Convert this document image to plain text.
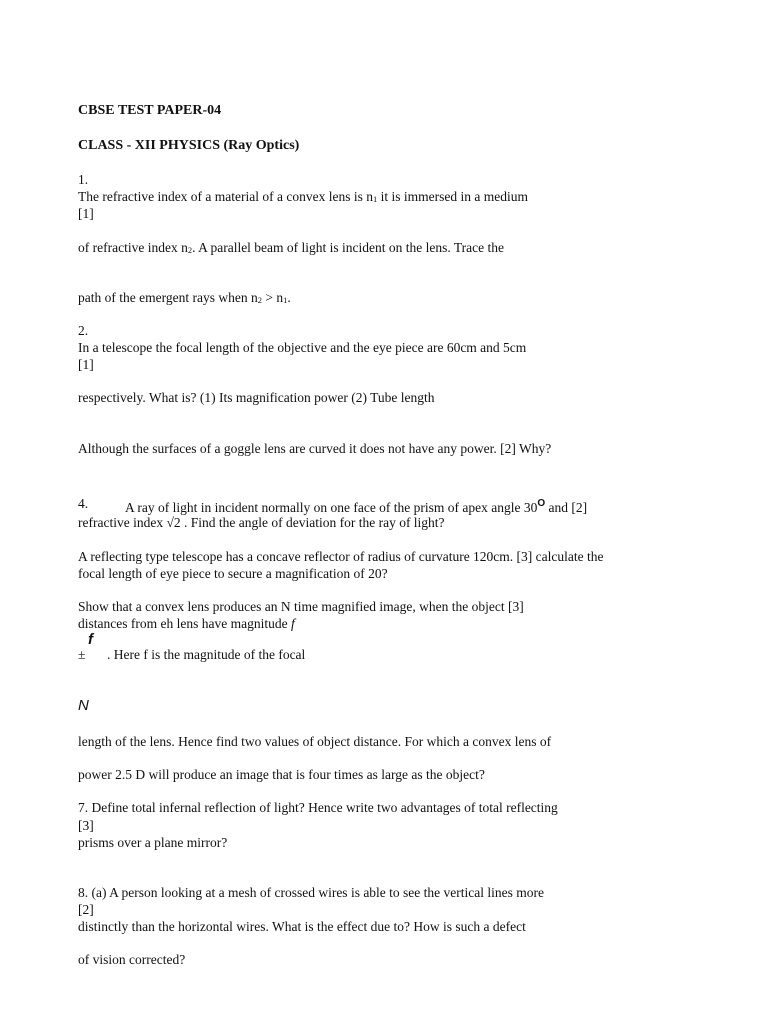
CBSE TEST PAPER-04
CLASS - XII PHYSICS (Ray Optics)
1.
The refractive index of a material of a convex lens is n1 it is immersed in a medium
[1]
of refractive index n2. A parallel beam of light is incident on the lens. Trace the
path of the emergent rays when n2 > n1.
2.
In a telescope the focal length of the objective and the eye piece are 60cm and 5cm
[1]
respectively. What is? (1) Its magnification power (2) Tube length
Although the surfaces of a goggle lens are curved it does not have any power. [2] Why?
4.	A ray of light in incident normally on one face of the prism of apex angle $30^O$ and [2]
refractive index √2 . Find the angle of deviation for the ray of light?
A reflecting type telescope has a concave reflector of radius of curvature 120cm. [3] calculate the
focal length of eye piece to secure a magnification of 20?
Show that a convex lens produces an N time magnified image, when the object [3]
distances from eh lens have magnitude f
f
± . Here f is the magnitude of the focal
N
length of the lens. Hence find two values of object distance. For which a convex lens of
power 2.5 D will produce an image that is four times as large as the object?
7. Define total infernal reflection of light? Hence write two advantages of total reflecting
[3]
prisms over a plane mirror?
8. (a) A person looking at a mesh of crossed wires is able to see the vertical lines more
[2]
distinctly than the horizontal wires. What is the effect due to? How is such a defect
of vision corrected?
